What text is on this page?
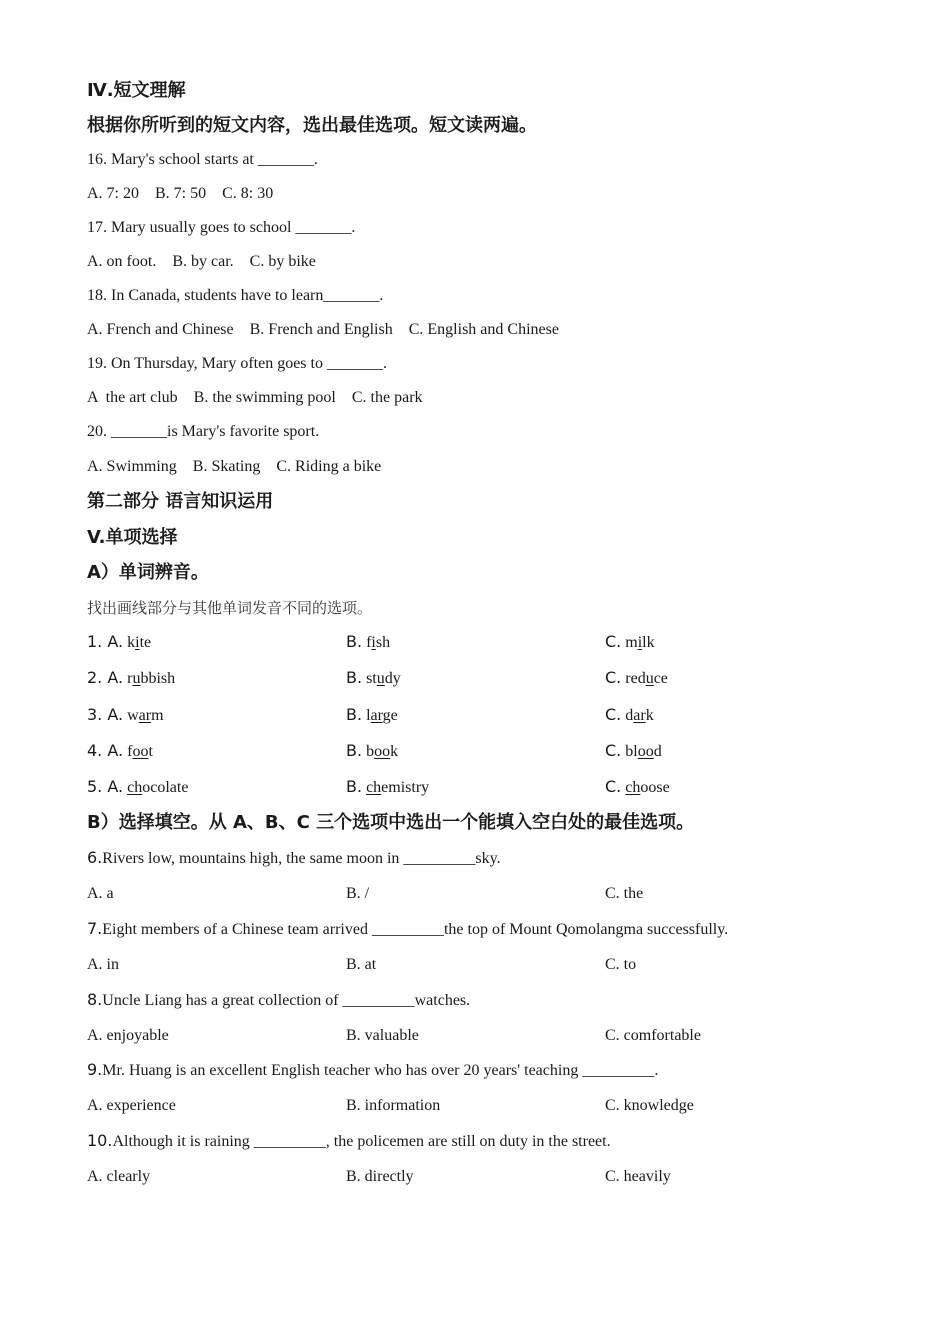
Ⅳ.短文理解
根据你所听到的短文内容，选出最佳选项。短文读两遍。
16. Mary's school starts at _______.
A. 7: 20    B. 7: 50    C. 8: 30
17. Mary usually goes to school _______.
A. on foot.    B. by car.    C. by bike
18. In Canada, students have to learn_______.
A. French and Chinese    B. French and English    C. English and Chinese
19. On Thursday, Mary often goes to _______.
A  the art club    B. the swimming pool    C. the park
20. _______is Mary's favorite sport.
A. Swimming    B. Skating    C. Riding a bike
第二部分 语言知识运用
V.单项选择
A）单词辨音。
找出画线部分与其他单词发音不同的选项。
1. A. kite	B. fish	C. milk
2. A. rubbish	B. study	C. reduce
3. A. warm	B. large	C. dark
4. A. foot	B. book	C. blood
5. A. chocolate	B. chemistry	C. choose
B）选择填空。从 A、B、C 三个选项中选出一个能填入空白处的最佳选项。
6.Rivers low, mountains high, the same moon in _________sky.
A. a	B. /	C. the
7.Eight members of a Chinese team arrived _________the top of Mount Qomolangma successfully.
A. in	B. at	C. to
8.Uncle Liang has a great collection of _________watches.
A. enjoyable	B. valuable	C. comfortable
9.Mr. Huang is an excellent English teacher who has over 20 years' teaching _________.
A. experience	B. information	C. knowledge
10.Although it is raining _________, the policemen are still on duty in the street.
A. clearly	B. directly	C. heavily
